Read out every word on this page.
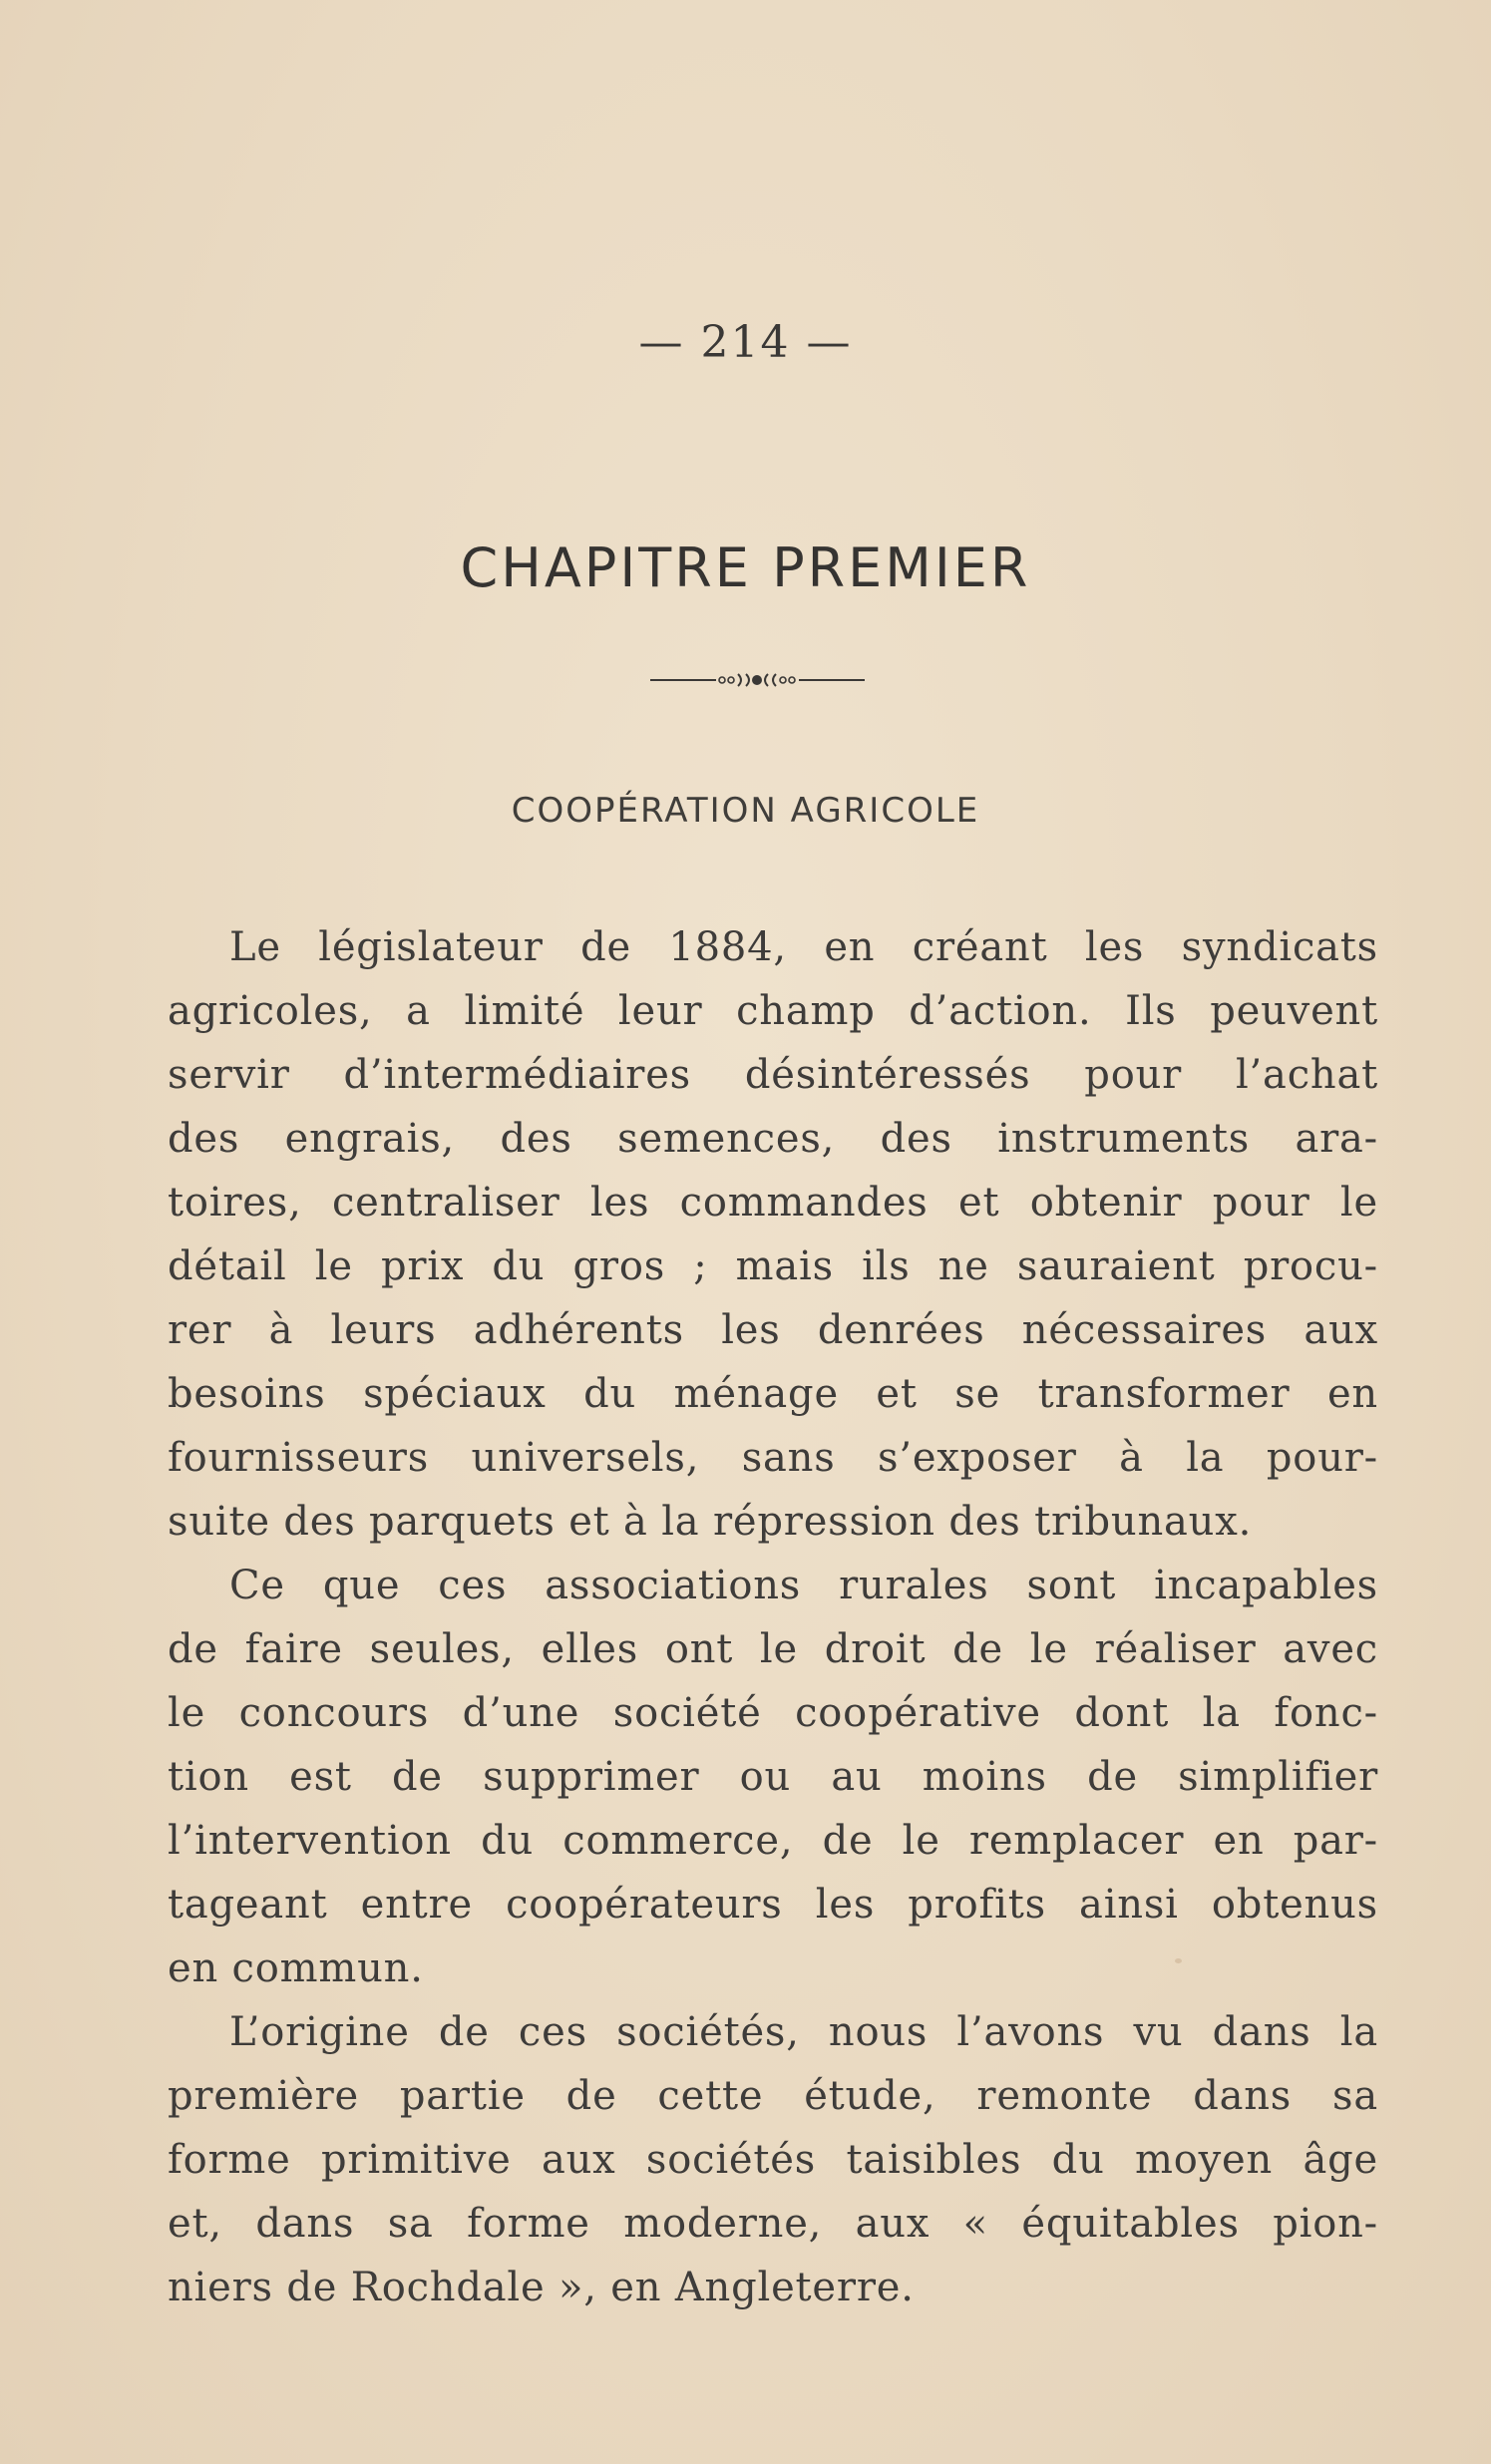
— 214 —
CHAPITRE PREMIER
COOPÉRATION AGRICOLE
Le législateur de 1884, en créant les syndicats
agricoles, a limité leur champ d’action. Ils peuvent
servir d’intermédiaires désintéressés pour l’achat
des engrais, des semences, des instruments ara-
toires, centraliser les commandes et obtenir pour le
détail le prix du gros ; mais ils ne sauraient procu-
rer à leurs adhérents les denrées nécessaires aux
besoins spéciaux du ménage et se transformer en
fournisseurs universels, sans s’exposer à la pour-
suite des parquets et à la répression des tribunaux.
Ce que ces associations rurales sont incapables
de faire seules, elles ont le droit de le réaliser avec
le concours d’une société coopérative dont la fonc-
tion est de supprimer ou au moins de simplifier
l’intervention du commerce, de le remplacer en par-
tageant entre coopérateurs les profits ainsi obtenus
en commun.
L’origine de ces sociétés, nous l’avons vu dans la
première partie de cette étude, remonte dans sa
forme primitive aux sociétés taisibles du moyen âge
et, dans sa forme moderne, aux « équitables pion-
niers de Rochdale », en Angleterre.
